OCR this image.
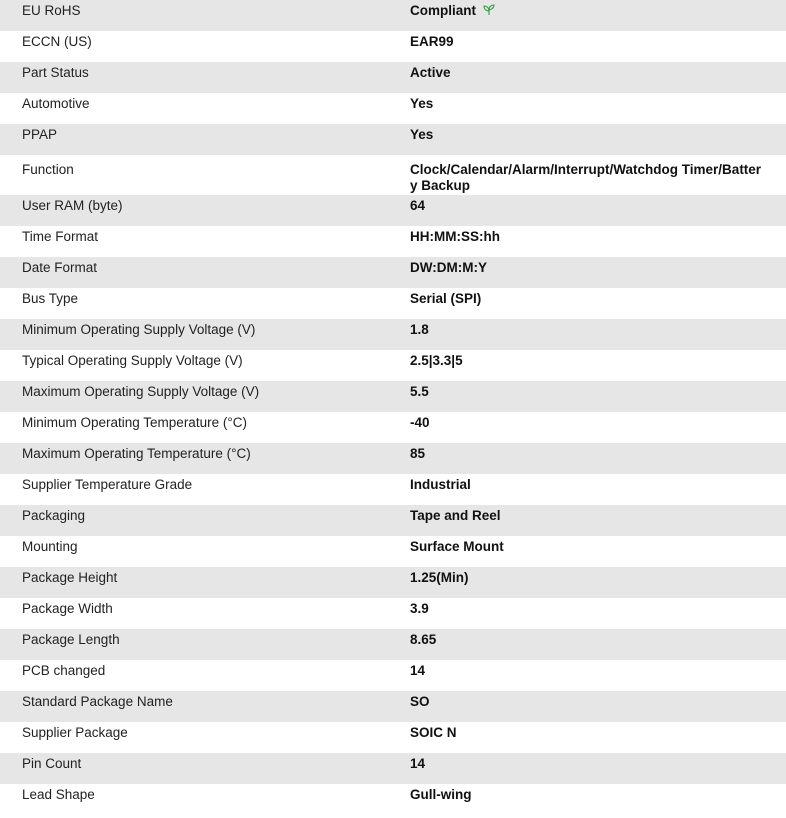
EU RoHS	Compliant
ECCN (US)	EAR99
Part Status	Active
Automotive	Yes
PPAP	Yes
Function	Clock/Calendar/Alarm/Interrupt/Watchdog Timer/Battery Backup
User RAM (byte)	64
Time Format	HH:MM:SS:hh
Date Format	DW:DM:M:Y
Bus Type	Serial (SPI)
Minimum Operating Supply Voltage (V)	1.8
Typical Operating Supply Voltage (V)	2.5|3.3|5
Maximum Operating Supply Voltage (V)	5.5
Minimum Operating Temperature (°C)	-40
Maximum Operating Temperature (°C)	85
Supplier Temperature Grade	Industrial
Packaging	Tape and Reel
Mounting	Surface Mount
Package Height	1.25(Min)
Package Width	3.9
Package Length	8.65
PCB changed	14
Standard Package Name	SO
Supplier Package	SOIC N
Pin Count	14
Lead Shape	Gull-wing
